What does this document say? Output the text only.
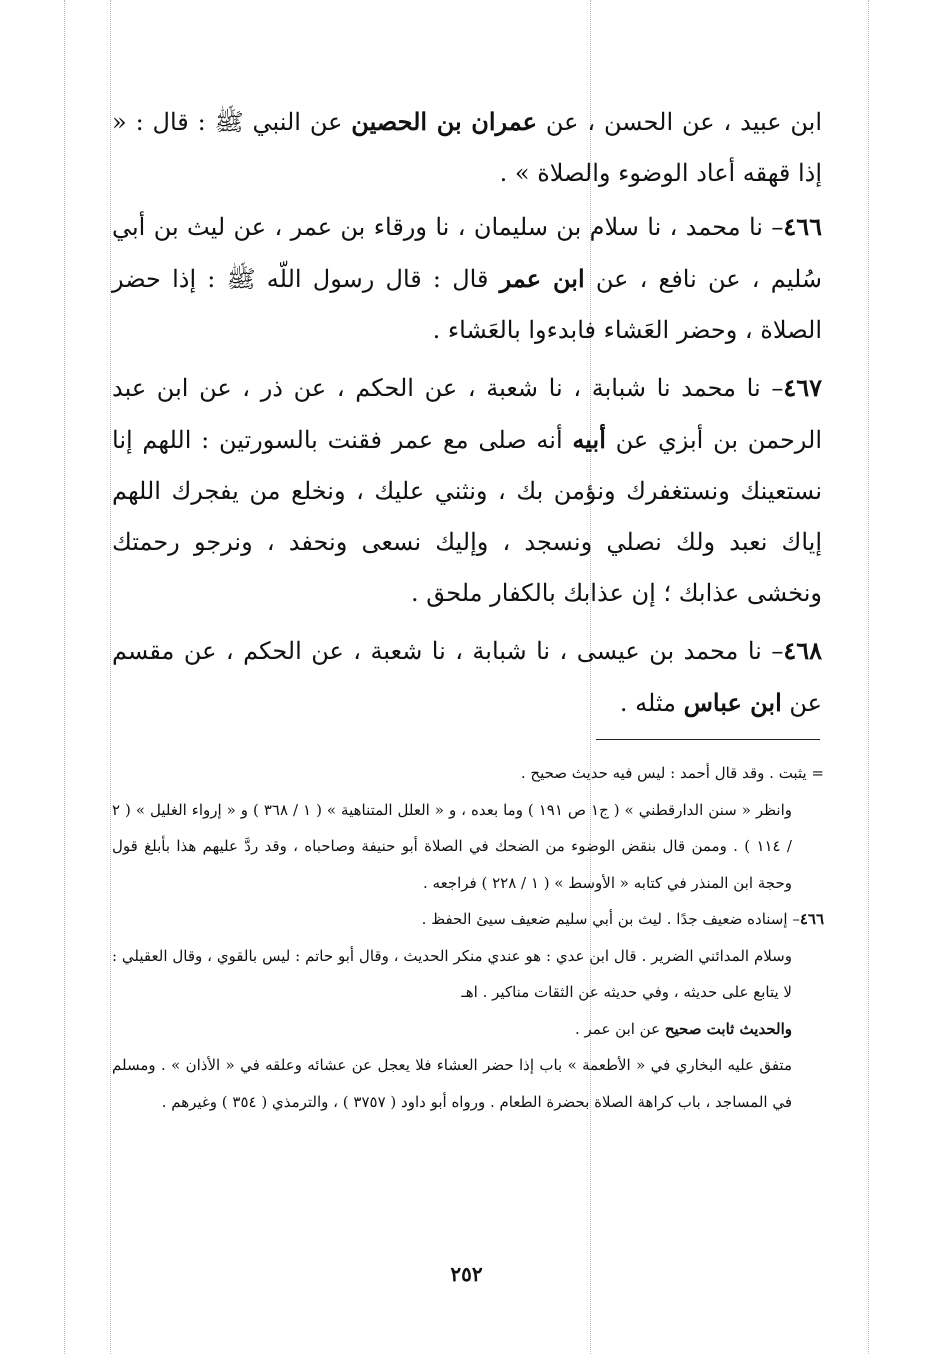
ابن عبيد ، عن الحسن ، عن عمران بن الحصين عن النبي ﷺ : قال : « إذا قهقه أعاد الوضوء والصلاة » .

٤٦٦– نا محمد ، نا سلام بن سليمان ، نا ورقاء بن عمر ، عن ليث بن أبي سُليم ، عن نافع ، عن ابن عمر قال : قال رسول اللّه ﷺ : إذا حضر الصلاة ، وحضر العَشاء فابدءوا بالعَشاء .

٤٦٧– نا محمد نا شبابة ، نا شعبة ، عن الحكم ، عن ذر ، عن ابن عبد الرحمن بن أبزي عن أبيه أنه صلى مع عمر فقنت بالسورتين : اللهم إنا نستعينك ونستغفرك ونؤمن بك ، ونثني عليك ، ونخلع من يفجرك اللهم إياك نعبد ولك نصلي ونسجد ، وإليك نسعى ونحفد ، ونرجو رحمتك ونخشى عذابك ؛ إن عذابك بالكفار ملحق .

٤٦٨– نا محمد بن عيسى ، نا شبابة ، نا شعبة ، عن الحكم ، عن مقسم عن ابن عباس مثله .

= يثبت . وقد قال أحمد : ليس فيه حديث صحيح .

وانظر « سنن الدارقطني » ( ج١ ص ١٩١ ) وما بعده ، و « العلل المتناهية » ( ١ / ٣٦٨ ) و « إرواء الغليل » ( ٢ / ١١٤ ) . وممن قال بنقض الوضوء من الضحك في الصلاة أبو حنيفة وصاحباه ، وقد ردَّ عليهم هذا بأبلغ قول وحجة ابن المنذر في كتابه « الأوسط » ( ١ / ٢٢٨ ) فراجعه .

٤٦٦– إسناده ضعيف جدًا . ليث بن أبي سليم ضعيف سيئ الحفظ .

وسلام المدائني الضرير . قال ابن عدي : هو عندي منكر الحديث ، وقال أبو حاتم : ليس بالقوي ، وقال العقيلي : لا يتابع على حديثه ، وفي حديثه عن الثقات مناكير . اهـ

والحديث ثابت صحيح عن ابن عمر .

متفق عليه البخاري في « الأطعمة » باب إذا حضر العشاء فلا يعجل عن عشائه وعلقه في « الأذان » . ومسلم في المساجد ، باب كراهة الصلاة بحضرة الطعام . ورواه أبو داود ( ٣٧٥٧ ) ، والترمذي ( ٣٥٤ ) وغيرهم .

٢٥٢
